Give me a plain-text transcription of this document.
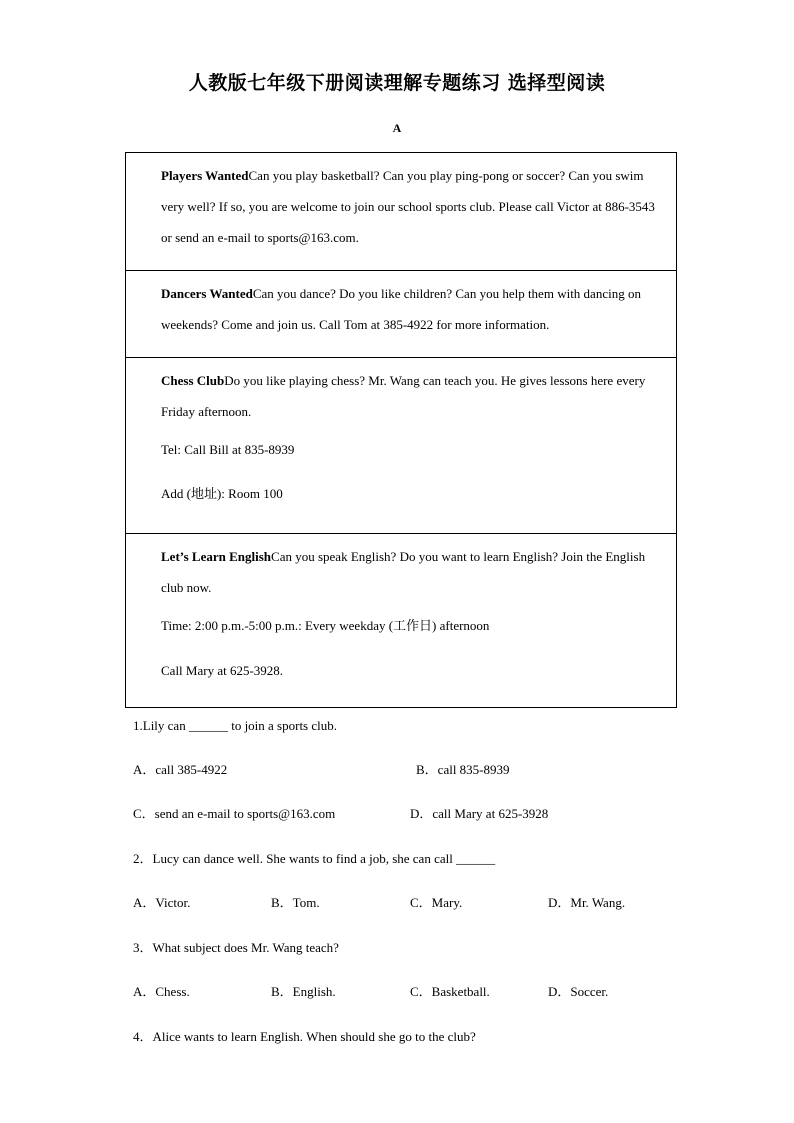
人教版七年级下册阅读理解专题练习 选择型阅读
A

Players WantedCan you play basketball? Can you play ping-pong or soccer? Can you swim very well? If so, you are welcome to join our school sports club. Please call Victor at 886-3543 or send an e-mail to sports@163.com.

Dancers WantedCan you dance? Do you like children? Can you help them with dancing on weekends? Come and join us. Call Tom at 385-4922 for more information.

Chess ClubDo you like playing chess? Mr. Wang can teach you. He gives lessons here every Friday afternoon.

Tel: Call Bill at 835-8939

Add (地址): Room 100

Let’s Learn EnglishCan you speak English? Do you want to learn English? Join the English club now.

Time: 2:00 p.m.-5:00 p.m.: Every weekday (工作日) afternoon

Call Mary at 625-3928.

1.Lily can ______ to join a sports club.
A．call 385-4922	B．call 835-8939
C．send an e-mail to sports@163.com	D．call Mary at 625-3928
2．Lucy can dance well. She wants to find a job, she can call ______
A．Victor.	B．Tom.	C．Mary.	D．Mr. Wang.
3．What subject does Mr. Wang teach?
A．Chess.	B．English.	C．Basketball.	D．Soccer.
4．Alice wants to learn English. When should she go to the club?
